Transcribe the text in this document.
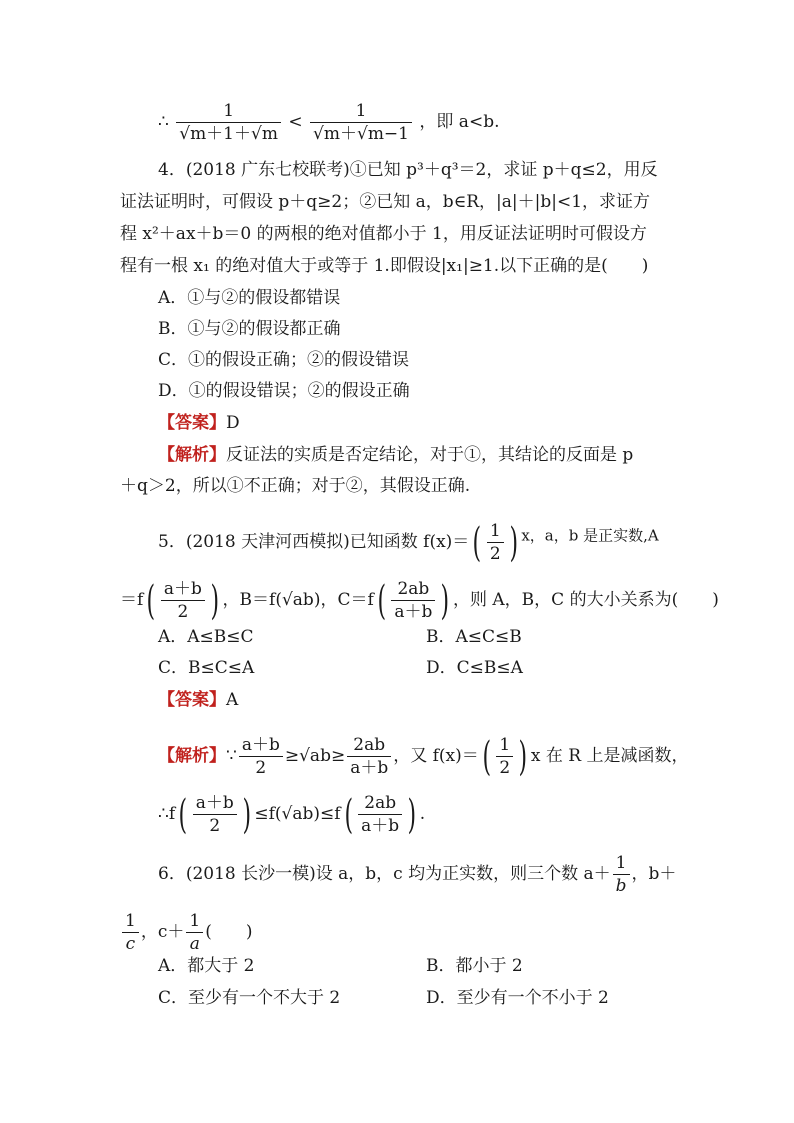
∴ $\frac{1}{√m+1+√m} < \frac{1}{√m+√m-1}$ ，即 a<b.
4．(2018 广东七校联考)①已知 p³＋q³＝2，求证 p＋q≤2，用反
证法证明时，可假设 p＋q≥2；②已知 a，b∈R，|a|＋|b|<1，求证方
程 x²＋ax＋b＝0 的两根的绝对值都小于 1，用反证法证明时可假设方
程有一根 x₁ 的绝对值大于或等于 1.即假设|x₁|≥1.以下正确的是(　　)
A．①与②的假设都错误
B．①与②的假设都正确
C．①的假设正确；②的假设错误
D．①的假设错误；②的假设正确
【答案】D
【解析】反证法的实质是否定结论，对于①，其结论的反面是 p
＋q＞2，所以①不正确；对于②，其假设正确.
5．(2018 天津河西模拟)已知函数 $f(x)=( \frac{1}{2}$ ) $^{x,a,b 是正实数,A}$
$=f( \frac{a+b}{2}$ ) ，B＝f(√ab)，$C=f( \frac{2ab}{a+b}$ ) ，则 A，B，C 的大小关系为(　　)
A．A≤B≤C	B．A≤C≤B
C．B≤C≤A	D．C≤B≤A
【答案】A
【解析】∵ $\frac{a+b}{2} \ge√ab\ge \frac{2ab}{a+b}$ ，又 $f(x)=( \frac{1}{2}$ ) x 在 R 上是减函数，
∴f( $\frac{a+b}{2}$ ) $\le f(√ab)\le f( \frac{2ab}{a+b}$ ) .
6．(2018 长沙一模)设 a，b，c 均为正实数，则三个数 $a+ \frac{1}{b}$ ，b＋
$\frac{1}{c}$ ，$c+ \frac{1}{a}$ (　　)
A．都大于 2	B．都小于 2
C．至少有一个不大于 2	D．至少有一个不小于 2
